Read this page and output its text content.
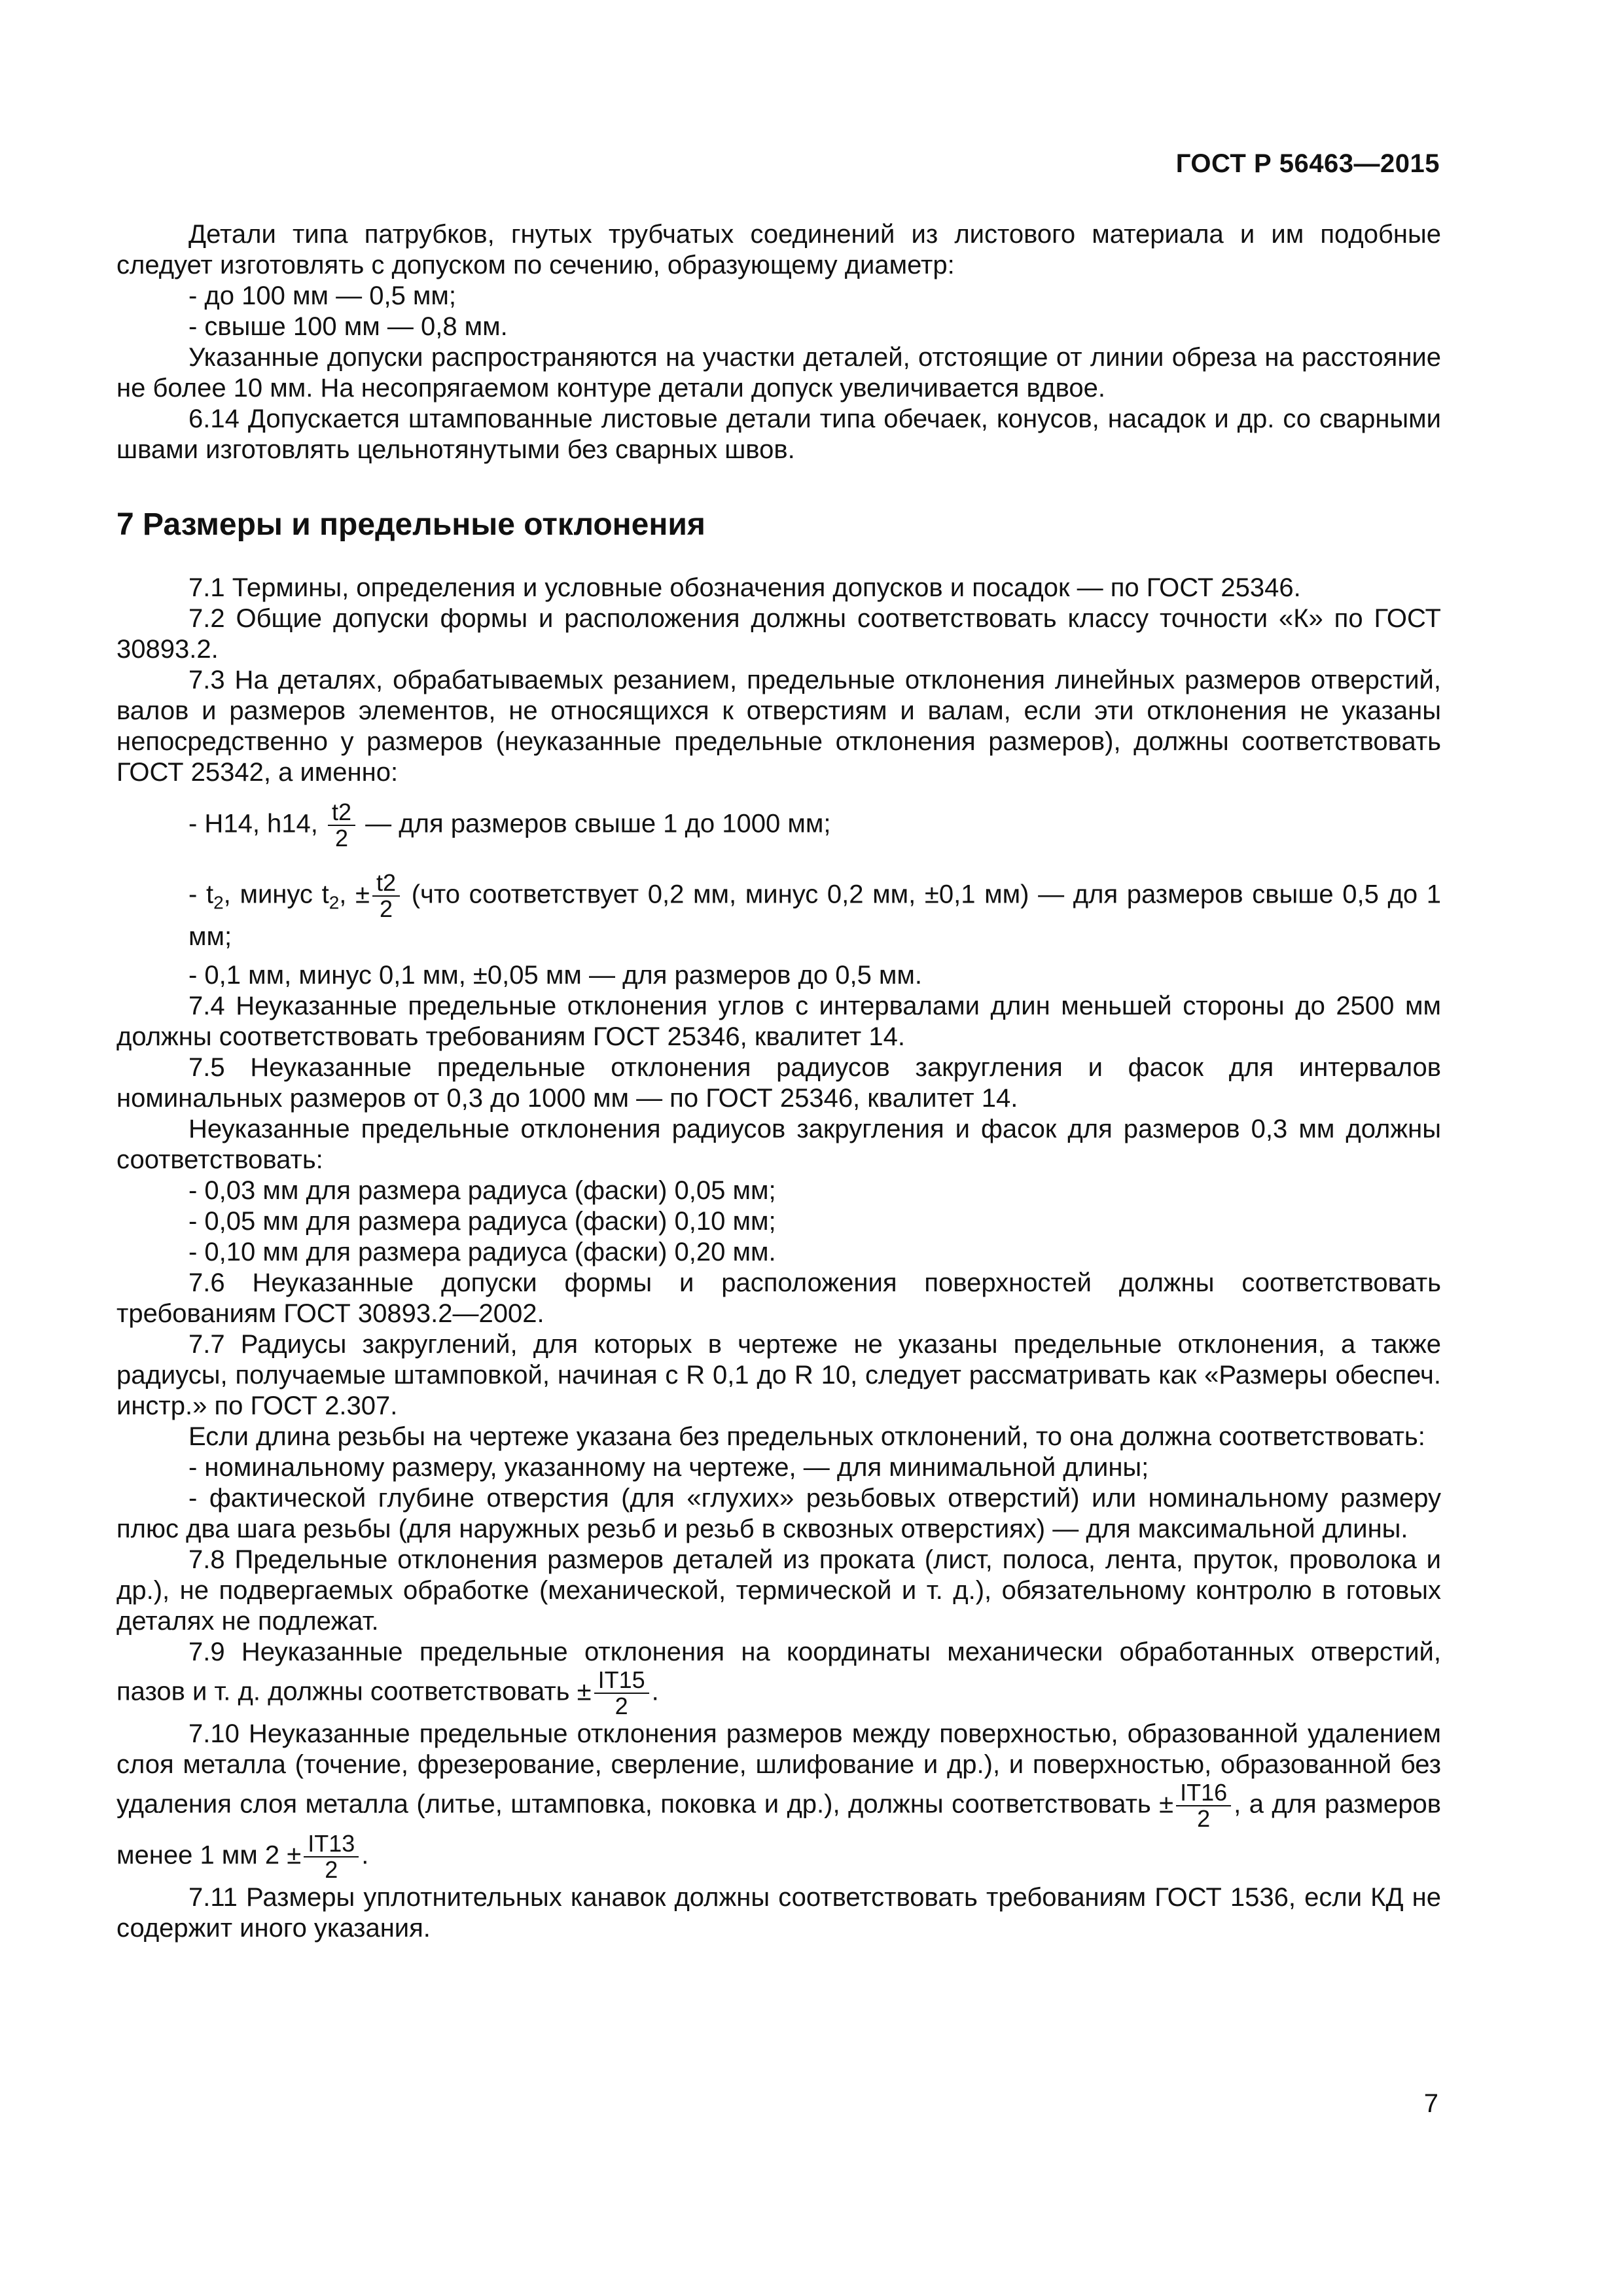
ГОСТ Р 56463—2015

Детали типа патрубков, гнутых трубчатых соединений из листового материала и им подобные следует изготовлять с допуском по сечению, образующему диаметр:

- до 100 мм — 0,5 мм;

- свыше 100 мм — 0,8 мм.

Указанные допуски распространяются на участки деталей, отстоящие от линии обреза на расстояние не более 10 мм. На несопрягаемом контуре детали допуск увеличивается вдвое.

6.14 Допускается штампованные листовые детали типа обечаек, конусов, насадок и др. со сварными швами изготовлять цельнотянутыми без сварных швов.

7 Размеры и предельные отклонения

7.1 Термины, определения и условные обозначения допусков и посадок — по ГОСТ 25346.

7.2 Общие допуски формы и расположения должны соответствовать классу точности «К» по ГОСТ 30893.2.

7.3 На деталях, обрабатываемых резанием, предельные отклонения линейных размеров отверстий, валов и размеров элементов, не относящихся к отверстиям и валам, если эти отклонения не указаны непосредственно у размеров (неуказанные предельные отклонения размеров), должны соответствовать ГОСТ 25342, а именно:

- H14, h14, $\frac{t2}{2}$ — для размеров свыше 1 до 1000 мм;

- $t_2$, минус $t_2$, ± $\frac{t2}{2} (что$ соответствует 0,2 мм, минус 0,2 мм, ±0,1 мм) — для размеров свыше 0,5 до 1 мм;

- 0,1 мм, минус 0,1 мм, ±0,05 мм — для размеров до 0,5 мм.

7.4 Неуказанные предельные отклонения углов с интервалами длин меньшей стороны до 2500 мм должны соответствовать требованиям ГОСТ 25346, квалитет 14.

7.5 Неуказанные предельные отклонения радиусов закругления и фасок для интервалов номинальных размеров от 0,3 до 1000 мм — по ГОСТ 25346, квалитет 14.

Неуказанные предельные отклонения радиусов закругления и фасок для размеров 0,3 мм должны соответствовать:

- 0,03 мм для размера радиуса (фаски) 0,05 мм;

- 0,05 мм для размера радиуса (фаски) 0,10 мм;

- 0,10 мм для размера радиуса (фаски) 0,20 мм.

7.6 Неуказанные допуски формы и расположения поверхностей должны соответствовать требованиям ГОСТ 30893.2—2002.

7.7 Радиусы закруглений, для которых в чертеже не указаны предельные отклонения, а также радиусы, получаемые штамповкой, начиная с R 0,1 до R 10, следует рассматривать как «Размеры обеспеч. инстр.» по ГОСТ 2.307.

Если длина резьбы на чертеже указана без предельных отклонений, то она должна соответствовать:

- номинальному размеру, указанному на чертеже, — для минимальной длины;

- фактической глубине отверстия (для «глухих» резьбовых отверстий) или номинальному размеру плюс два шага резьбы (для наружных резьб и резьб в сквозных отверстиях) — для максимальной длины.

7.8 Предельные отклонения размеров деталей из проката (лист, полоса, лента, пруток, проволока и др.), не подвергаемых обработке (механической, термической и т. д.), обязательному контролю в готовых деталях не подлежат.

7.9 Неуказанные предельные отклонения на координаты механически обработанных отверстий, пазов и т. д. должны соответствовать ± $\frac{IT15}{2}$ .

7.10 Неуказанные предельные отклонения размеров между поверхностью, образованной удалением слоя металла (точение, фрезерование, сверление, шлифование и др.), и поверхностью, образованной без удаления слоя металла (литье, штамповка, поковка и др.), должны соответствовать ± $\frac{IT16}{2}$ , а для размеров менее 1 мм $2 \pm \frac{IT13}{2}$ .

7.11 Размеры уплотнительных канавок должны соответствовать требованиям ГОСТ 1536, если КД не содержит иного указания.

7
